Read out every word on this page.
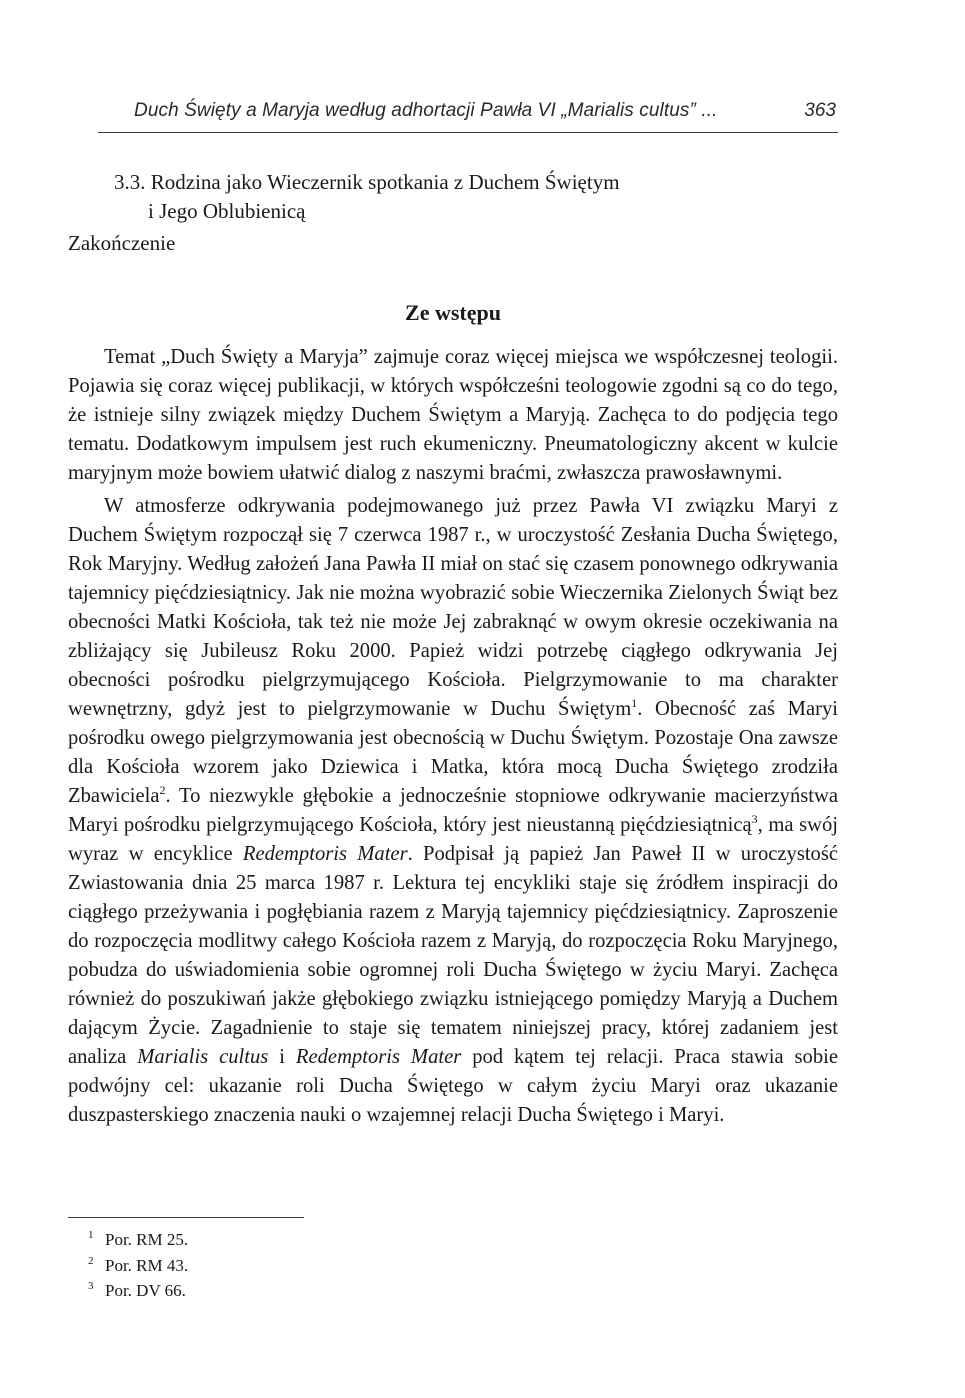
Duch Święty a Maryja według adhortacji Pawła VI „Marialis cultus” ...	363
3.3. Rodzina jako Wieczernik spotkania z Duchem Świętym
i Jego Oblubienicą
Zakończenie
Ze wstępu

Temat „Duch Święty a Maryja” zajmuje coraz więcej miejsca we współczesnej teologii. Pojawia się coraz więcej publikacji, w których współcześni teologowie zgodni są co do tego, że istnieje silny związek między Duchem Świętym a Maryją. Zachęca to do podjęcia tego tematu. Dodatkowym impulsem jest ruch ekumeniczny. Pneumatologiczny akcent w kulcie maryjnym może bowiem ułatwić dialog z naszymi braćmi, zwłaszcza prawosławnymi.

W atmosferze odkrywania podejmowanego już przez Pawła VI związku Maryi z Duchem Świętym rozpoczął się 7 czerwca 1987 r., w uroczystość Zesłania Ducha Świętego, Rok Maryjny. Według założeń Jana Pawła II miał on stać się czasem ponownego odkrywania tajemnicy pięćdziesiątnicy. Jak nie można wyobrazić sobie Wieczernika Zielonych Świąt bez obecności Matki Kościoła, tak też nie może Jej zabraknąć w owym okresie oczekiwania na zbliżający się Jubileusz Roku 2000. Papież widzi potrzebę ciągłego odkrywania Jej obecności pośrodku pielgrzymującego Kościoła. Pielgrzymowanie to ma charakter wewnętrzny, gdyż jest to pielgrzymowanie w Duchu Świętym$^1$. Obecność zaś Maryi pośrodku owego pielgrzymowania jest obecnością w Duchu Świętym. Pozostaje Ona zawsze dla Kościoła wzorem jako Dziewica i Matka, która mocą Ducha Świętego zrodziła Zbawiciela$^2$. To niezwykle głębokie a jednocześnie stopniowe odkrywanie macierzyństwa Maryi pośrodku pielgrzymującego Kościoła, który jest nieustanną pięćdziesiątnicą$^3$, ma swój wyraz w encyklice Redemptoris Mater. Podpisał ją papież Jan Paweł II w uroczystość Zwiastowania dnia 25 marca 1987 r. Lektura tej encykliki staje się źródłem inspiracji do ciągłego przeżywania i pogłębiania razem z Maryją tajemnicy pięćdziesiątnicy. Zaproszenie do rozpoczęcia modlitwy całego Kościoła razem z Maryją, do rozpoczęcia Roku Maryjnego, pobudza do uświadomienia sobie ogromnej roli Ducha Świętego w życiu Maryi. Zachęca również do poszukiwań jakże głębokiego związku istniejącego pomiędzy Maryją a Duchem dającym Życie. Zagadnienie to staje się tematem niniejszej pracy, której zadaniem jest analiza Marialis cultus i Redemptoris Mater pod kątem tej relacji. Praca stawia sobie podwójny cel: ukazanie roli Ducha Świętego w całym życiu Maryi oraz ukazanie duszpasterskiego znaczenia nauki o wzajemnej relacji Ducha Świętego i Maryi.

1 Por. RM 25.
2 Por. RM 43.
3 Por. DV 66.
